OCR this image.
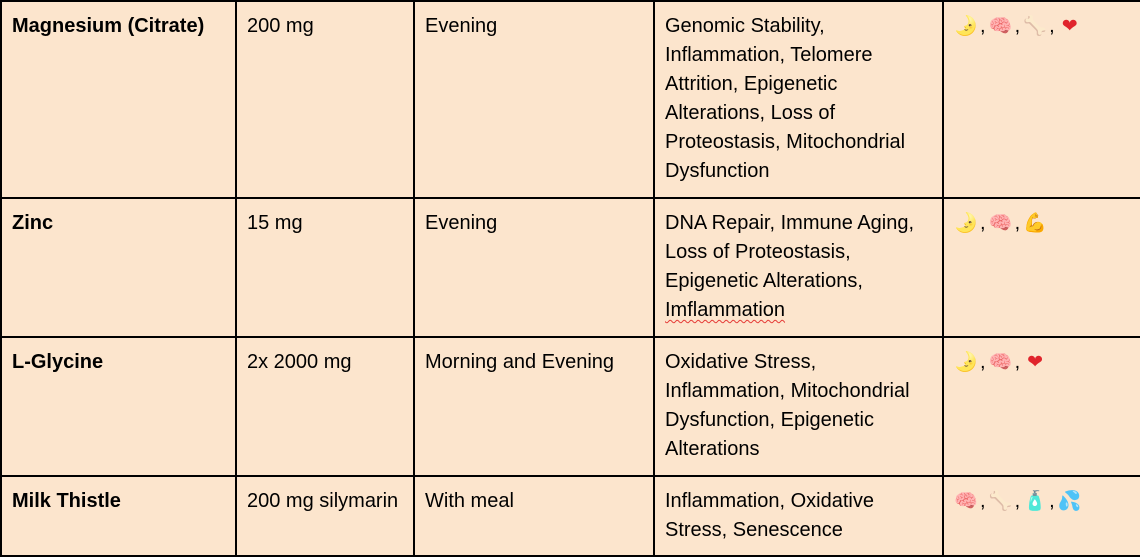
Magnesium (Citrate)	200 mg	Evening	Genomic Stability, Inflammation, Telomere Attrition, Epigenetic Alterations, Loss of Proteostasis, Mitochondrial Dysfunction	🌛 , 🧠 , 🦴 , ❤
Zinc	15 mg	Evening	DNA Repair, Immune Aging, Loss of Proteostasis, Epigenetic Alterations, Imflammation	🌛 , 🧠 , 💪
L-Glycine	2x 2000 mg	Morning and Evening	Oxidative Stress, Inflammation, Mitochondrial Dysfunction, Epigenetic Alterations	🌛 , 🧠 , ❤
Milk Thistle	200 mg silymarin	With meal	Inflammation, Oxidative Stress, Senescence	🧠 , 🦴 , 🧴 , 💦
